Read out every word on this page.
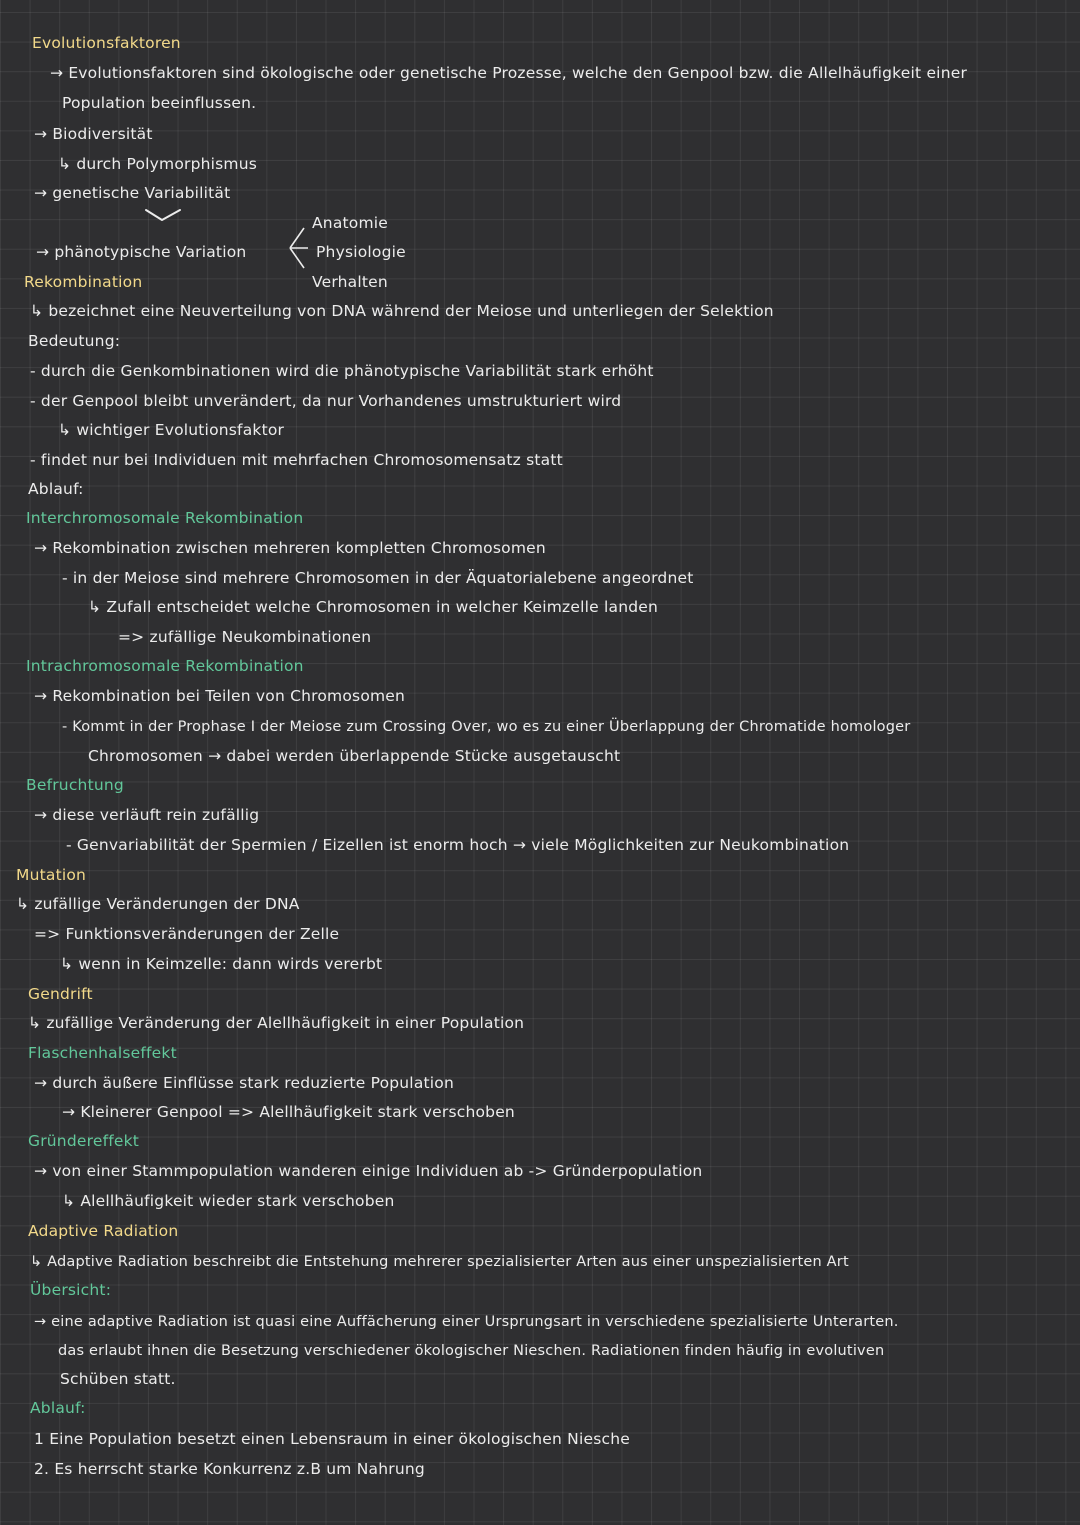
Evolutionsfaktoren
→ Evolutionsfaktoren sind ökologische oder genetische Prozesse, welche den Genpool bzw. die Allelhäufigkeit einer
Population beeinflussen.
→ Biodiversität
↳ durch Polymorphismus
→ genetische Variabilität
Anatomie
→ phänotypische Variation	Physiologie
Rekombination	Verhalten
↳ bezeichnet eine Neuverteilung von DNA während der Meiose und unterliegen der Selektion
Bedeutung:
- durch die Genkombinationen wird die phänotypische Variabilität stark erhöht
- der Genpool bleibt unverändert, da nur Vorhandenes umstrukturiert wird
↳ wichtiger Evolutionsfaktor
- findet nur bei Individuen mit mehrfachen Chromosomensatz statt
Ablauf:
Interchromosomale Rekombination
→ Rekombination zwischen mehreren kompletten Chromosomen
- in der Meiose sind mehrere Chromosomen in der Äquatorialebene angeordnet
↳ Zufall entscheidet welche Chromosomen in welcher Keimzelle landen
=> zufällige Neukombinationen
Intrachromosomale Rekombination
→ Rekombination bei Teilen von Chromosomen
- Kommt in der Prophase I der Meiose zum Crossing Over, wo es zu einer Überlappung der Chromatide homologer
Chromosomen → dabei werden überlappende Stücke ausgetauscht
Befruchtung
→ diese verläuft rein zufällig
- Genvariabilität der Spermien / Eizellen ist enorm hoch → viele Möglichkeiten zur Neukombination
Mutation
↳ zufällige Veränderungen der DNA
=> Funktionsveränderungen der Zelle
↳ wenn in Keimzelle: dann wirds vererbt
Gendrift
↳ zufällige Veränderung der Alellhäufigkeit in einer Population
Flaschenhalseffekt
→ durch äußere Einflüsse stark reduzierte Population
→ Kleinerer Genpool => Alellhäufigkeit stark verschoben
Gründereffekt
→ von einer Stammpopulation wanderen einige Individuen ab -> Gründerpopulation
↳ Alellhäufigkeit wieder stark verschoben
Adaptive Radiation
↳ Adaptive Radiation beschreibt die Entstehung mehrerer spezialisierter Arten aus einer unspezialisierten Art
Übersicht:
→ eine adaptive Radiation ist quasi eine Auffächerung einer Ursprungsart in verschiedene spezialisierte Unterarten.
das erlaubt ihnen die Besetzung verschiedener ökologischer Nieschen. Radiationen finden häufig in evolutiven
Schüben statt.
Ablauf:
1 Eine Population besetzt einen Lebensraum in einer ökologischen Niesche
2. Es herrscht starke Konkurrenz z.B um Nahrung
